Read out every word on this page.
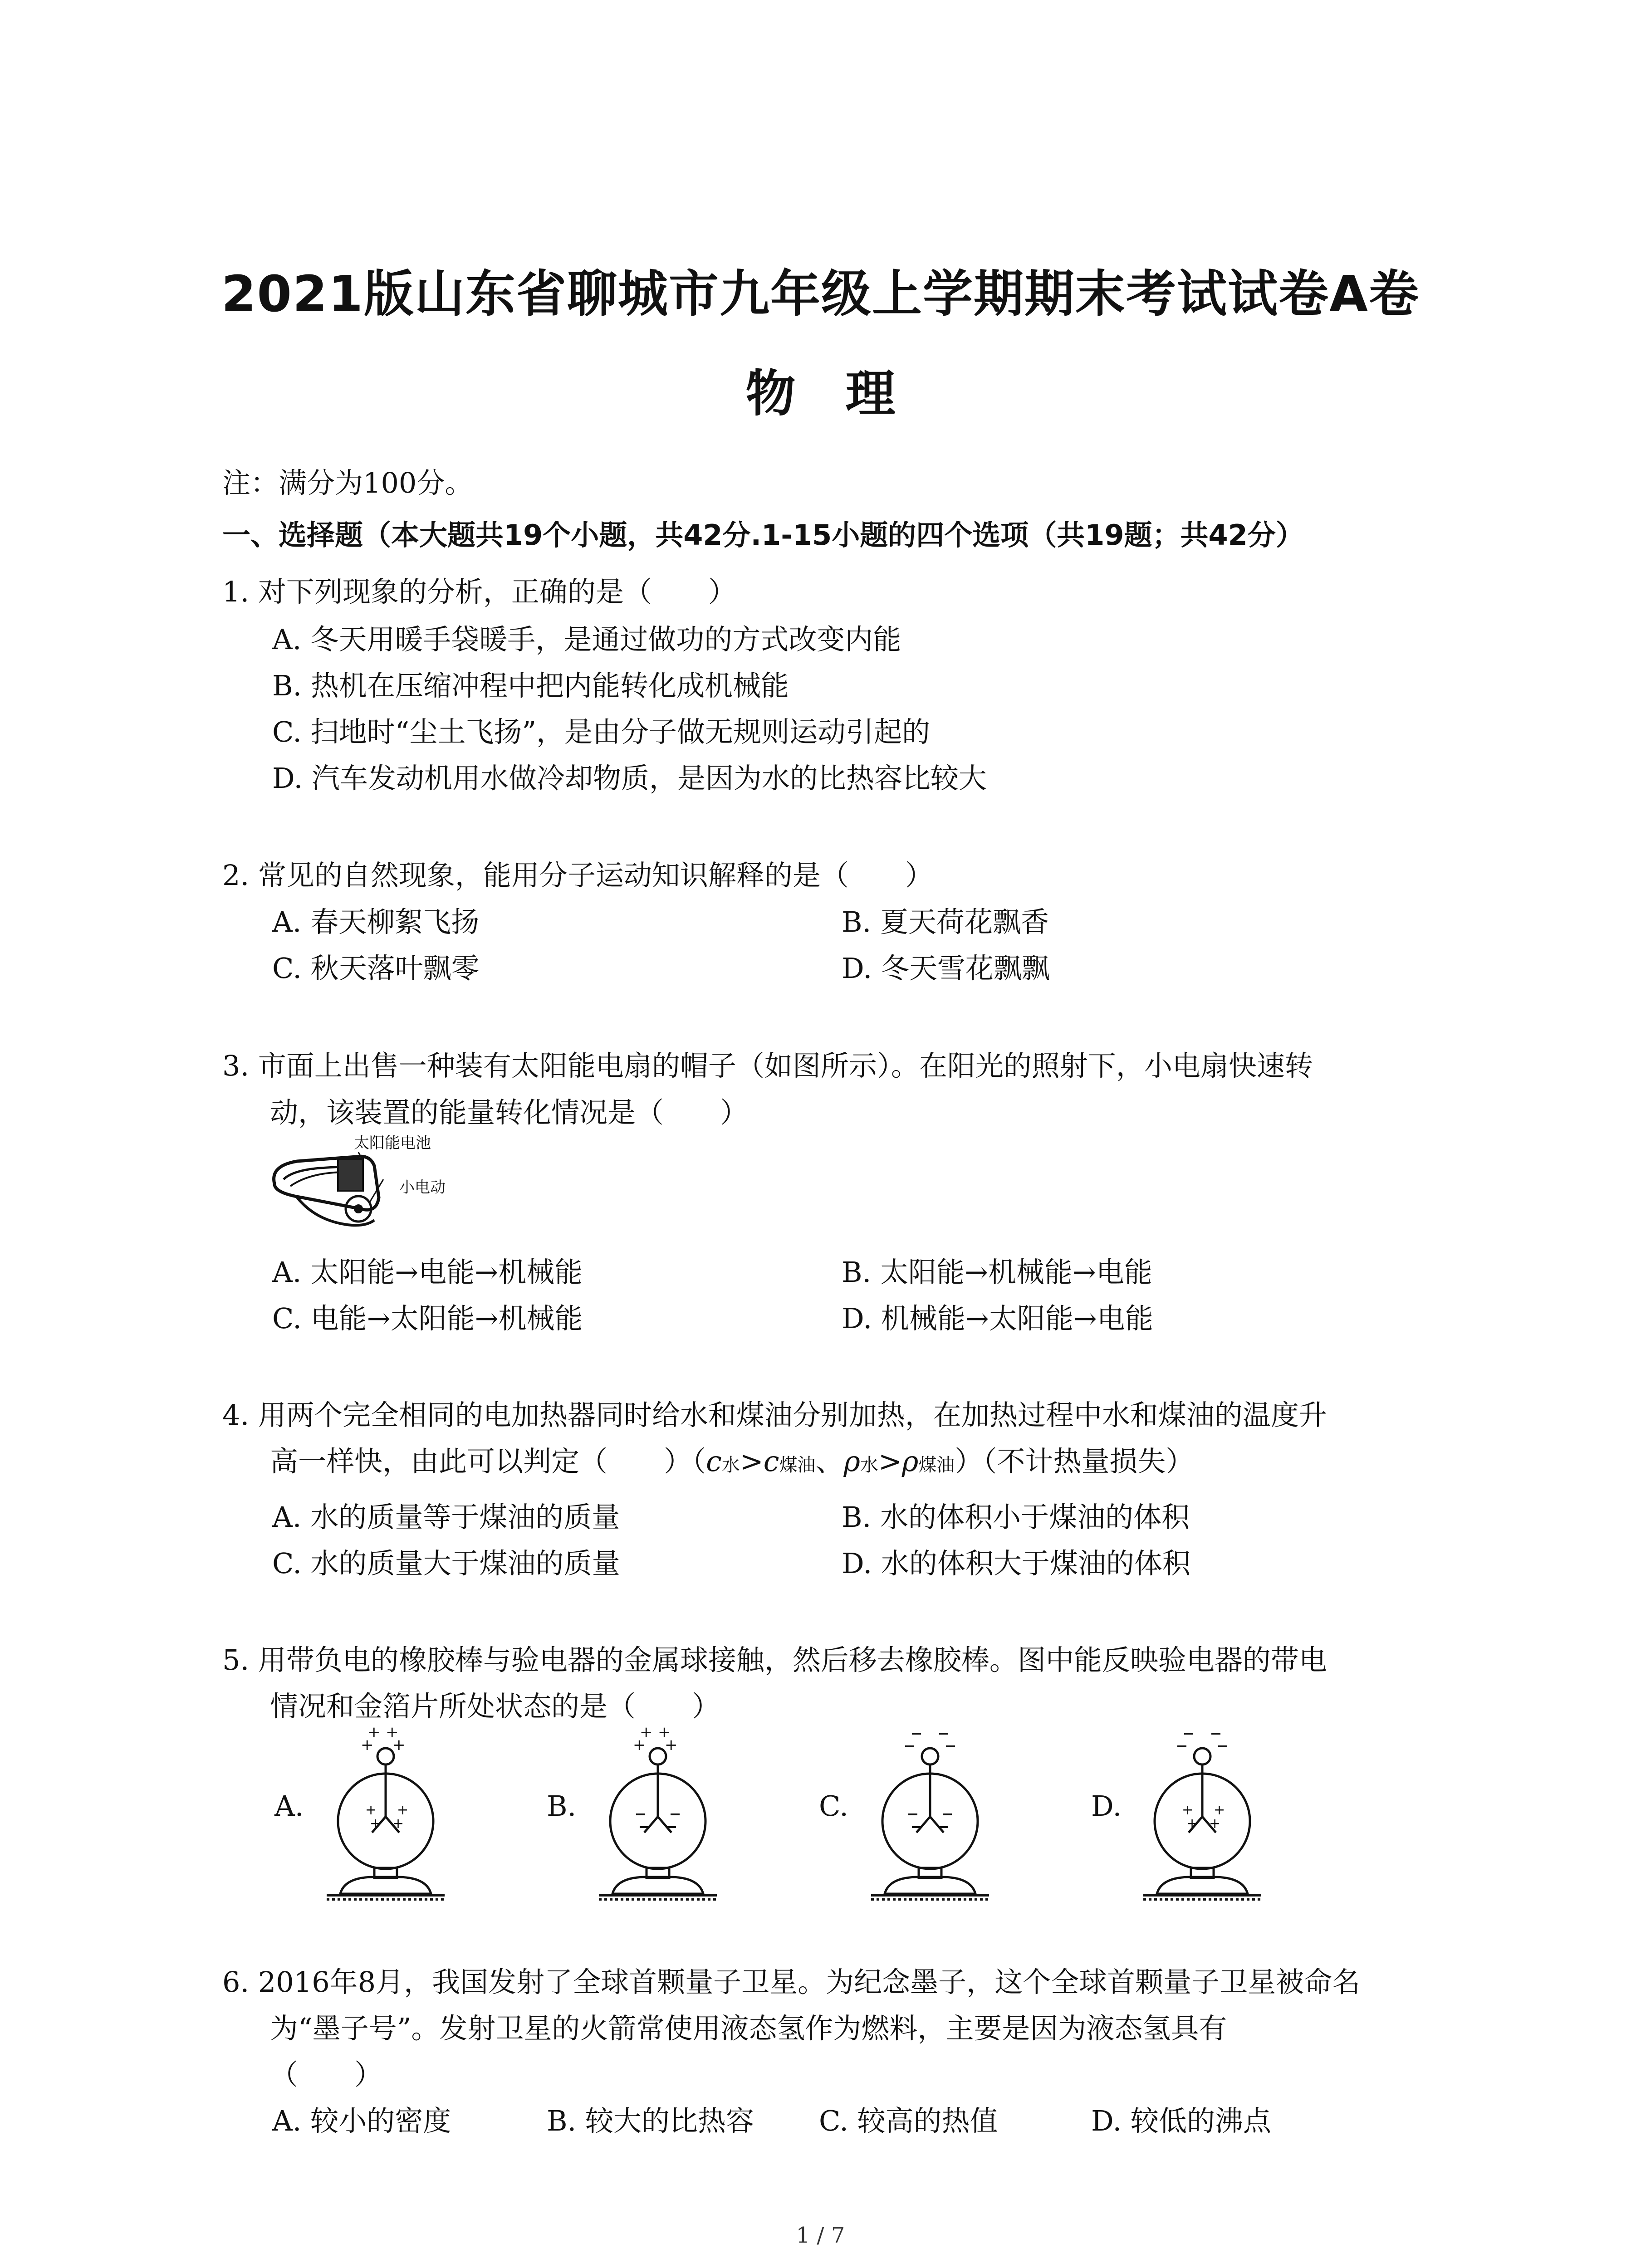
2021版山东省聊城市九年级上学期期末考试试卷A卷
物理
注：满分为100分。
一、选择题（本大题共19个小题，共42分.1-15小题的四个选项（共19题；共42分）
1. 对下列现象的分析，正确的是（　　）
A. 冬天用暖手袋暖手，是通过做功的方式改变内能
B. 热机在压缩冲程中把内能转化成机械能
C. 扫地时“尘土飞扬”，是由分子做无规则运动引起的
D. 汽车发动机用水做冷却物质，是因为水的比热容比较大
2. 常见的自然现象，能用分子运动知识解释的是（　　）
A. 春天柳絮飞扬	B. 夏天荷花飘香
C. 秋天落叶飘零	D. 冬天雪花飘飘
3. 市面上出售一种装有太阳能电扇的帽子（如图所示）。在阳光的照射下，小电扇快速转
动，该装置的能量转化情况是（　　）
太阳能电池
小电动
A. 太阳能→电能→机械能	B. 太阳能→机械能→电能
C. 电能→太阳能→机械能	D. 机械能→太阳能→电能
4. 用两个完全相同的电加热器同时给水和煤油分别加热，在加热过程中水和煤油的温度升
高一样快，由此可以判定（　　）（c水>c煤油、ρ水>ρ煤油）（不计热量损失）
A. 水的质量等于煤油的质量	B. 水的体积小于煤油的体积
C. 水的质量大于煤油的质量	D. 水的体积大于煤油的体积
5. 用带负电的橡胶棒与验电器的金属球接触，然后移去橡胶棒。图中能反映验电器的带电
情况和金箔片所处状态的是（　　）
A.	B.	C.	D.
+ +
+ +
+ +
+ +
+ +
+ +
+ +
+ +
6. 2016年8月，我国发射了全球首颗量子卫星。为纪念墨子，这个全球首颗量子卫星被命名
为“墨子号”。发射卫星的火箭常使用液态氢作为燃料，主要是因为液态氢具有
（　　）
A. 较小的密度	B. 较大的比热容 C. 较高的热值	D. 较低的沸点
1 / 7
